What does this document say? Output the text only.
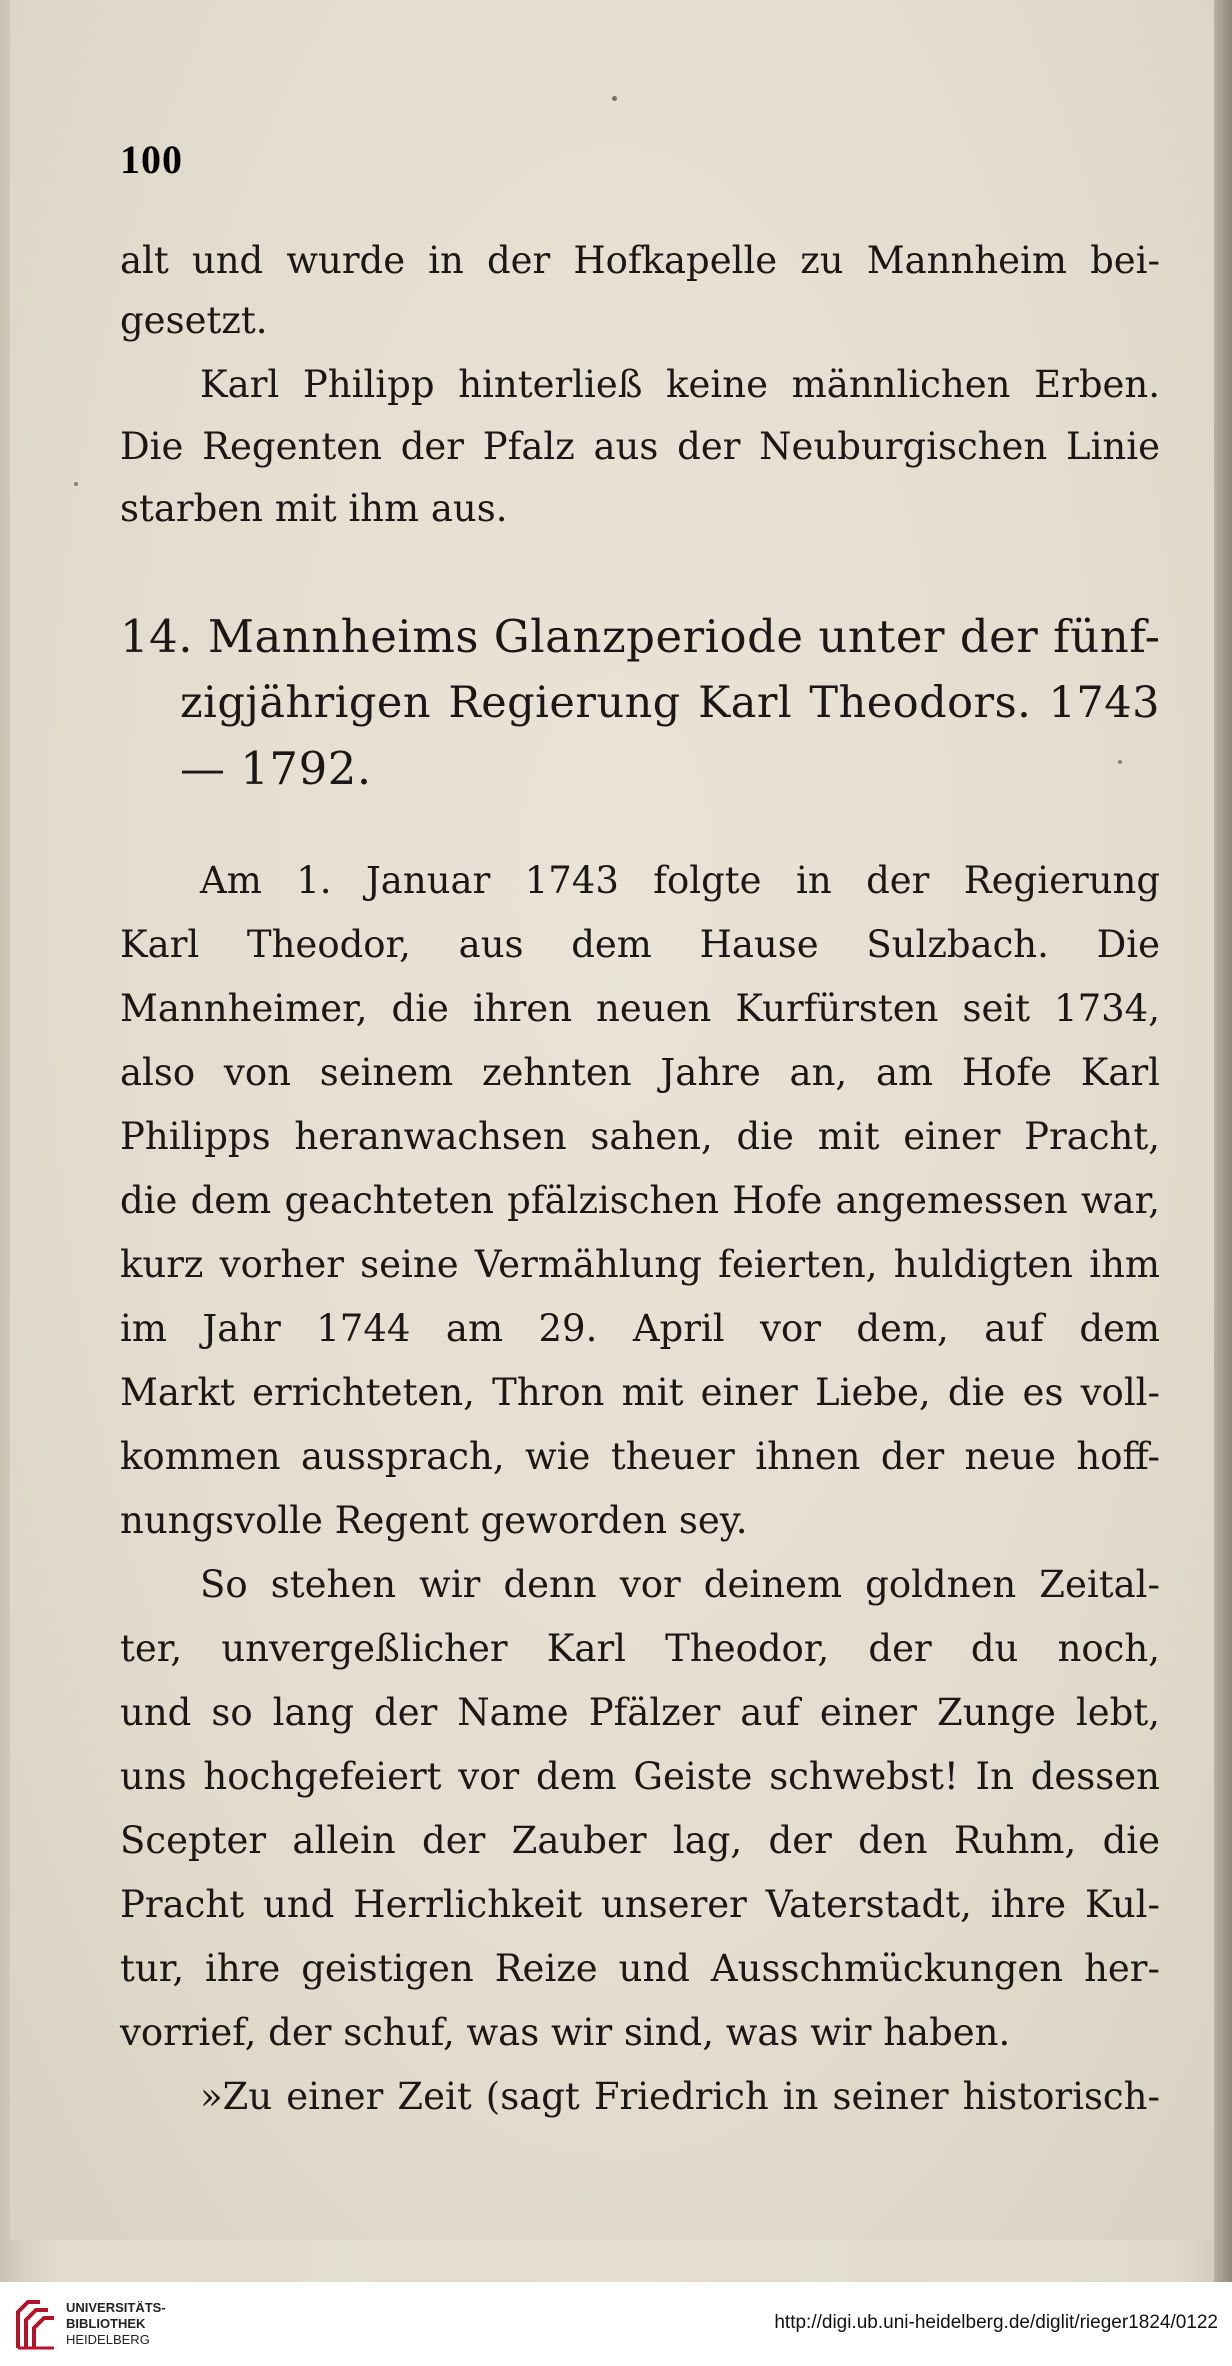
100
alt und wurde in der Hofkapelle zu Mannheim bei-
gesetzt.
Karl Philipp hinterließ keine männlichen Erben.
Die Regenten der Pfalz aus der Neuburgischen Linie
starben mit ihm aus.
14. Mannheims Glanzperiode unter der fünf-
zigjährigen Regierung Karl Theodors. 1743
— 1792.
Am 1. Januar 1743 folgte in der Regierung
Karl Theodor, aus dem Hause Sulzbach. Die
Mannheimer, die ihren neuen Kurfürsten seit 1734,
also von seinem zehnten Jahre an, am Hofe Karl
Philipps heranwachsen sahen, die mit einer Pracht,
die dem geachteten pfälzischen Hofe angemessen war,
kurz vorher seine Vermählung feierten, huldigten ihm
im Jahr 1744 am 29. April vor dem, auf dem
Markt errichteten, Thron mit einer Liebe, die es voll-
kommen aussprach, wie theuer ihnen der neue hoff-
nungsvolle Regent geworden sey.
So stehen wir denn vor deinem goldnen Zeital-
ter, unvergeßlicher Karl Theodor, der du noch,
und so lang der Name Pfälzer auf einer Zunge lebt,
uns hochgefeiert vor dem Geiste schwebst! In dessen
Scepter allein der Zauber lag, der den Ruhm, die
Pracht und Herrlichkeit unserer Vaterstadt, ihre Kul-
tur, ihre geistigen Reize und Ausschmückungen her-
vorrief, der schuf, was wir sind, was wir haben.
»Zu einer Zeit (sagt Friedrich in seiner historisch-
UNIVERSITÄTS-
BIBLIOTHEK
HEIDELBERG
http://digi.ub.uni-heidelberg.de/diglit/rieger1824/0122
